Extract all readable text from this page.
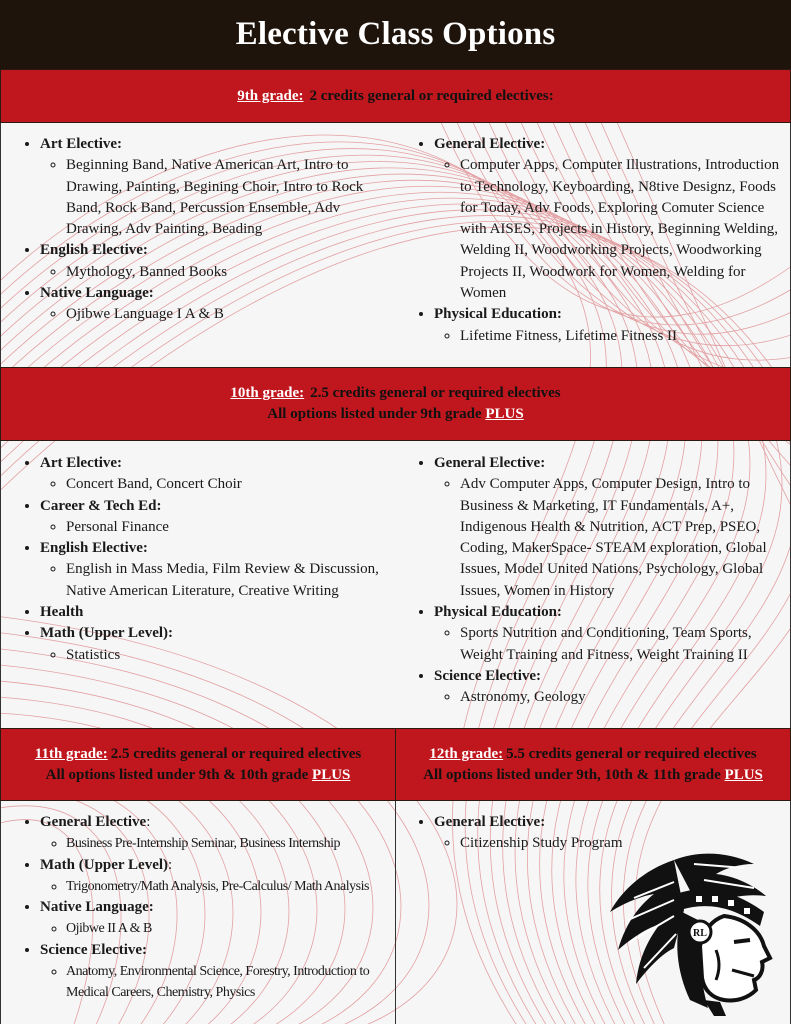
Elective Class Options
9th grade: 2 credits general or required electives:
• Art Elective:
◦ Beginning Band, Native American Art, Intro to Drawing, Painting, Begining Choir, Intro to Rock Band, Rock Band, Percussion Ensemble, Adv Drawing, Adv Painting, Beading
• English Elective:
◦ Mythology, Banned Books
• Native Language:
◦ Ojibwe Language I A & B
• General Elective:
◦ Computer Apps, Computer Illustrations, Introduction to Technology, Keyboarding, N8tive Designz, Foods for Today, Adv Foods, Exploring Comuter Science with AISES, Projects in History, Beginning Welding, Welding II, Woodworking Projects, Woodworking Projects II, Woodwork for Women, Welding for Women
• Physical Education:
◦ Lifetime Fitness, Lifetime Fitness II
10th grade: 2.5 credits general or required electives
All options listed under 9th grade PLUS
• Art Elective:
◦ Concert Band, Concert Choir
• Career & Tech Ed:
◦ Personal Finance
• English Elective:
◦ English in Mass Media, Film Review & Discussion, Native American Literature, Creative Writing
• Health
• Math (Upper Level):
◦ Statistics
• General Elective:
◦ Adv Computer Apps, Computer Design, Intro to Business & Marketing, IT Fundamentals, A+, Indigenous Health & Nutrition, ACT Prep, PSEO, Coding, MakerSpace- STEAM exploration, Global Issues, Model United Nations, Psychology, Global Issues, Women in History
• Physical Education:
◦ Sports Nutrition and Conditioning, Team Sports, Weight Training and Fitness, Weight Training II
• Science Elective:
◦ Astronomy, Geology
11th grade: 2.5 credits general or required electives
All options listed under 9th & 10th grade PLUS
12th grade: 5.5 credits general or required electives
All options listed under 9th, 10th & 11th grade PLUS
• General Elective:
◦ Business Pre-Internship Seminar, Business Internship
• Math (Upper Level):
◦ Trigonometry/Math Analysis, Pre-Calculus/ Math Analysis
• Native Language:
◦ Ojibwe II A & B
• Science Elective:
◦ Anatomy, Environmental Science, Forestry, Introduction to Medical Careers, Chemistry, Physics
• General Elective:
◦ Citizenship Study Program
RL
